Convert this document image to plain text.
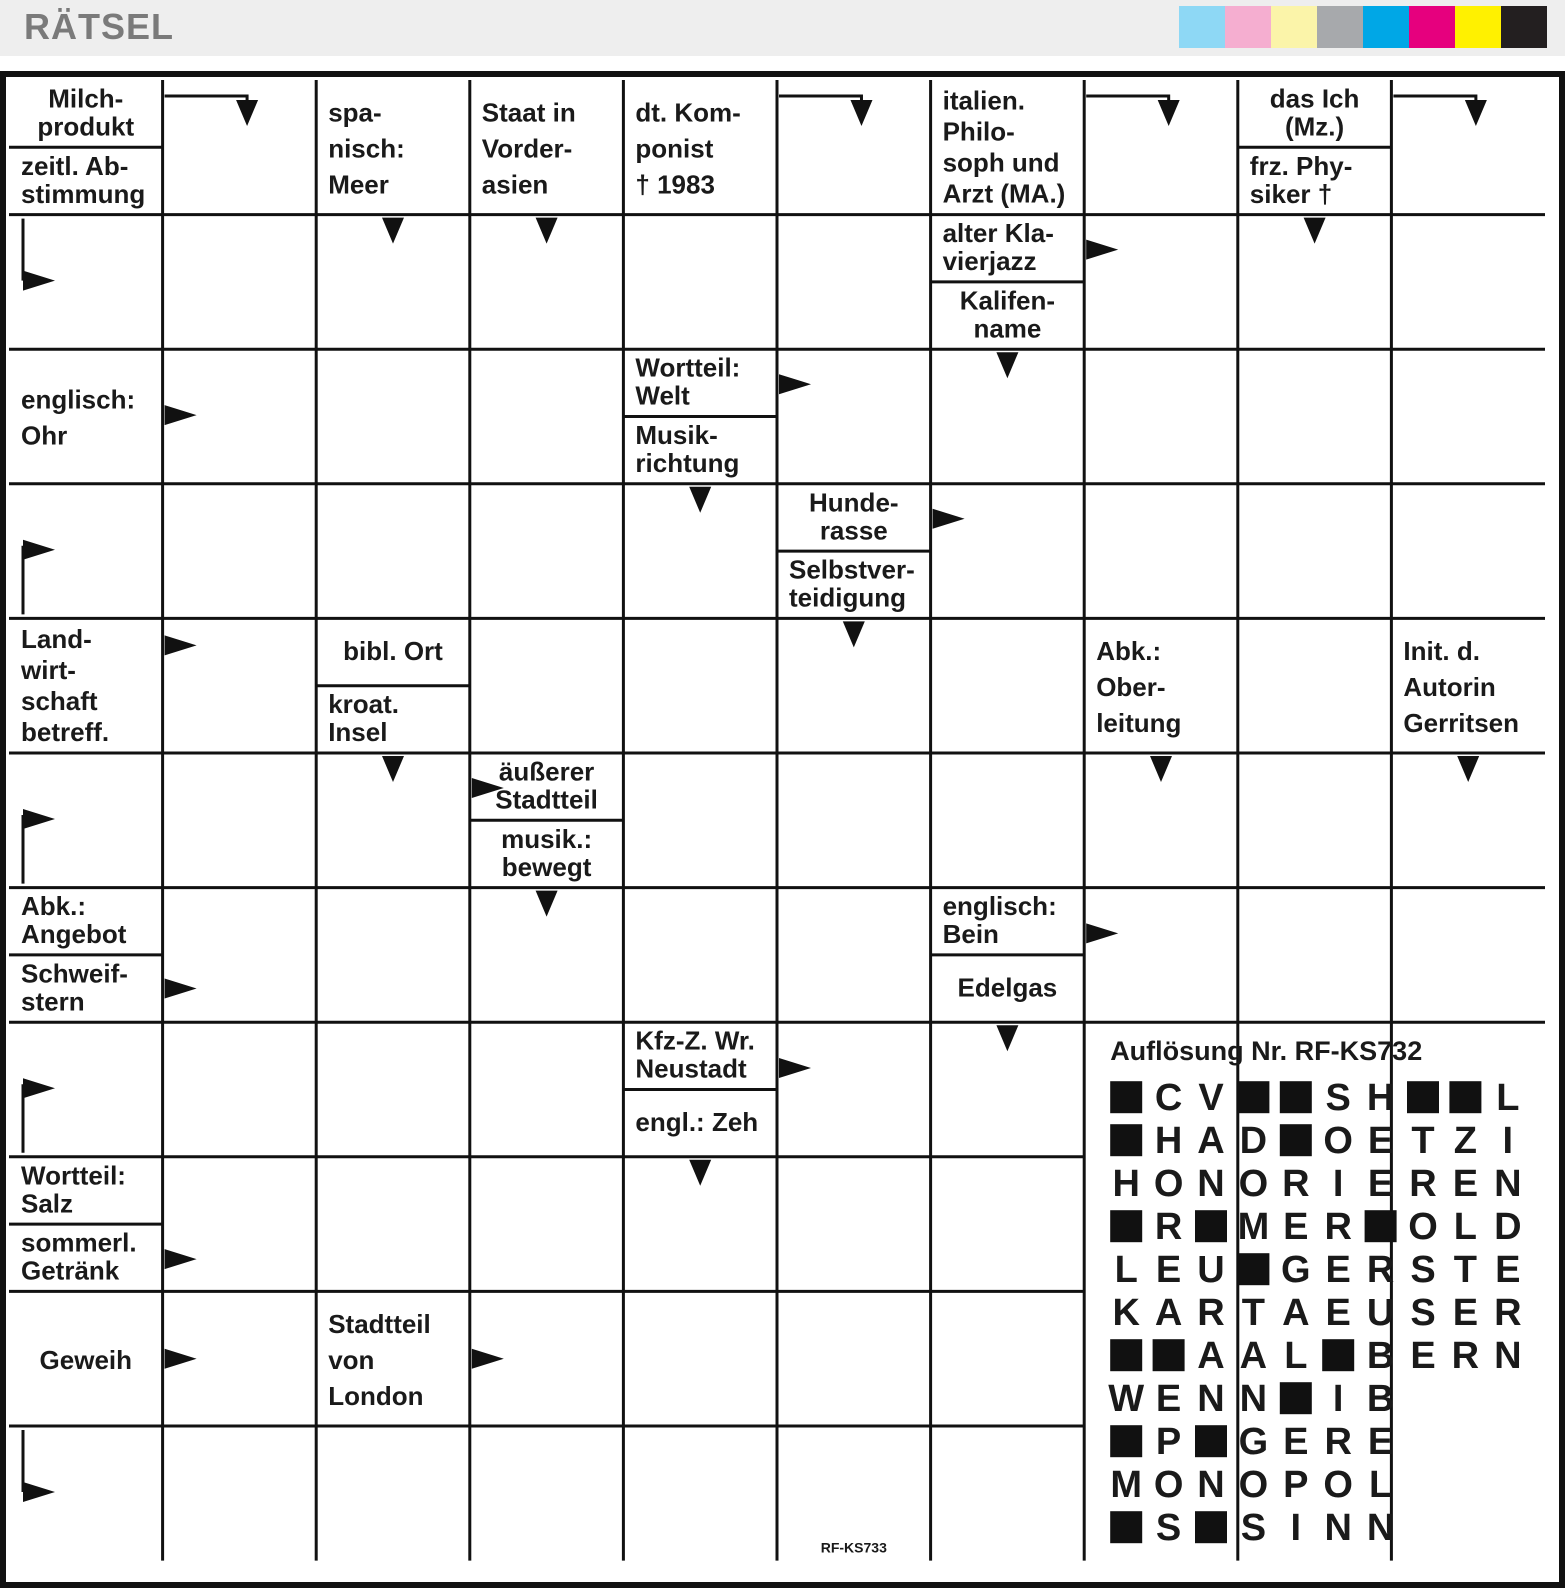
RÄTSEL
Milch-
produkt
zeitl. Ab-
stimmung
spa-
nisch:
Meer
Staat in
Vorder-
asien
dt. Kom-
ponist
† 1983
italien.
Philo-
soph und
Arzt (MA.)
das Ich
(Mz.)
frz. Phy-
siker †
alter Kla-
vierjazz
Kalifen-
name
englisch:
Ohr
Wortteil:
Welt
Musik-
richtung
Hunde-
rasse
Selbstver-
teidigung
Land-
wirt-
schaft
betreff.
bibl. Ort
kroat.
Insel
Abk.:
Ober-
leitung
Init. d.
Autorin
Gerritsen
äußerer
Stadtteil
musik.:
bewegt
Abk.:
Angebot
Schweif-
stern
englisch:
Bein
Edelgas
Kfz-Z. Wr.
Neustadt
engl.: Zeh
Wortteil:
Salz
sommerl.
Getränk
Geweih
Stadtteil
von
London
Auflösung Nr. RF-KS732
C V	S H	L
H A D O E T Z I
H O N O R I E R E N
R M E R O L D
L E U G E R S T E
K A R T A E U S E R
A A L B E R N
W E N N I B
P G E R E
M O N O P O L
S S I N N
RF-KS733
